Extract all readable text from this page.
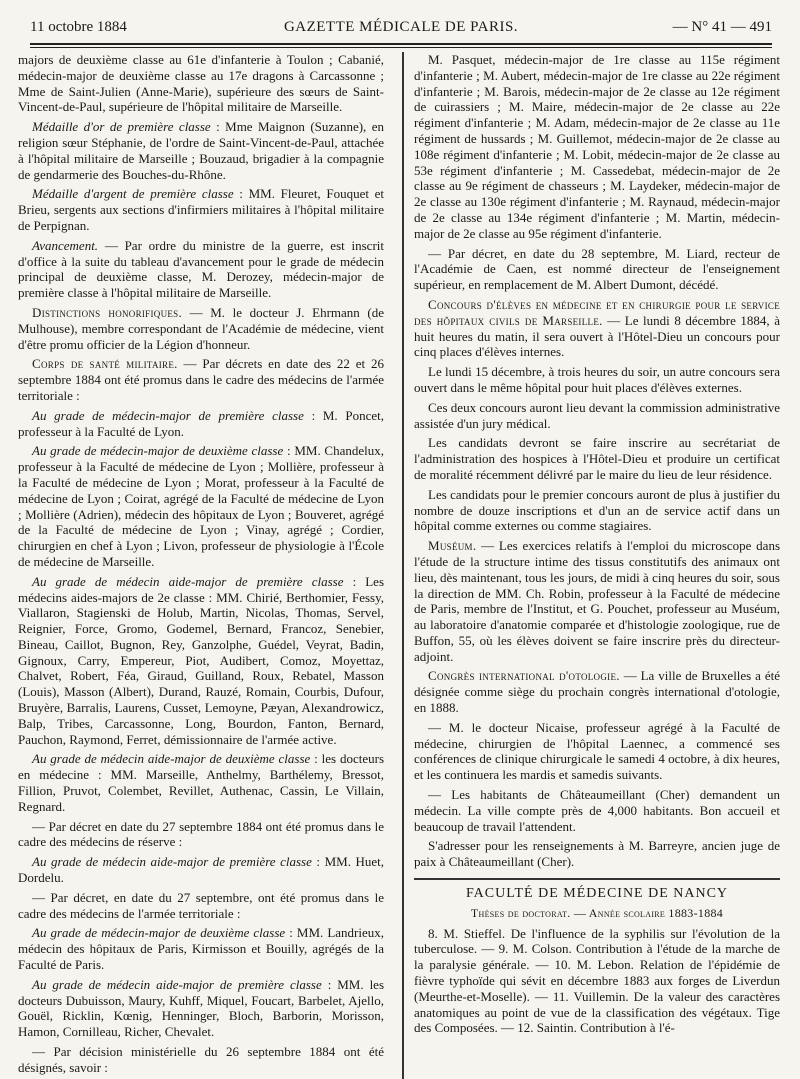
11 octobre 1884	GAZETTE MÉDICALE DE PARIS.	— N° 41 — 491

majors de deuxième classe au 61e d'infanterie à Toulon ; Cabanié, médecin-major de deuxième classe au 17e dragons à Carcassonne ; Mme de Saint-Julien (Anne-Marie), supérieure des sœurs de Saint-Vincent-de-Paul, supérieure de l'hôpital militaire de Marseille.

Médaille d'or de première classe : Mme Maignon (Suzanne), en religion sœur Stéphanie, de l'ordre de Saint-Vincent-de-Paul, attachée à l'hôpital militaire de Marseille ; Bouzaud, brigadier à la compagnie de gendarmerie des Bouches-du-Rhône.

Médaille d'argent de première classe : MM. Fleuret, Fouquet et Brieu, sergents aux sections d'infirmiers militaires à l'hôpital militaire de Perpignan.

Avancement. — Par ordre du ministre de la guerre, est inscrit d'office à la suite du tableau d'avancement pour le grade de médecin principal de deuxième classe, M. Derozey, médecin-major de première classe à l'hôpital militaire de Marseille.

Distinctions honorifiques. — M. le docteur J. Ehrmann (de Mulhouse), membre correspondant de l'Académie de médecine, vient d'être promu officier de la Légion d'honneur.

Corps de santé militaire. — Par décrets en date des 22 et 26 septembre 1884 ont été promus dans le cadre des médecins de l'armée territoriale :

Au grade de médecin-major de première classe : M. Poncet, professeur à la Faculté de Lyon.

Au grade de médecin-major de deuxième classe : MM. Chandelux, professeur à la Faculté de médecine de Lyon ; Mollière, professeur à la Faculté de médecine de Lyon ; Morat, professeur à la Faculté de médecine de Lyon ; Coirat, agrégé de la Faculté de médecine de Lyon ; Mollière (Adrien), médecin des hôpitaux de Lyon ; Bouveret, agrégé de la Faculté de médecine de Lyon ; Vinay, agrégé ; Cordier, chirurgien en chef à Lyon ; Livon, professeur de physiologie à l'École de médecine de Marseille.

Au grade de médecin aide-major de première classe : Les médecins aides-majors de 2e classe : MM. Chirié, Berthomier, Fessy, Viallaron, Stagienski de Holub, Martin, Nicolas, Thomas, Servel, Reignier, Force, Gromo, Godemel, Bernard, Francoz, Senebier, Bineau, Caillot, Bugnon, Rey, Ganzolphe, Guédel, Veyrat, Badin, Gignoux, Carry, Empereur, Piot, Audibert, Comoz, Moyettaz, Chalvet, Robert, Féa, Giraud, Guilland, Roux, Rebatel, Masson (Louis), Masson (Albert), Durand, Rauzé, Romain, Courbis, Dufour, Bruyère, Barralis, Laurens, Cusset, Lemoyne, Pæyan, Alexandrowicz, Balp, Tribes, Carcassonne, Long, Bourdon, Fanton, Bernard, Pauchon, Raymond, Ferret, démissionnaire de l'armée active.

Au grade de médecin aide-major de deuxième classe : les docteurs en médecine : MM. Marseille, Anthelmy, Barthélemy, Bressot, Fillion, Pruvot, Colembet, Revillet, Authenac, Cassin, Le Villain, Regnard.

— Par décret en date du 27 septembre 1884 ont été promus dans le cadre des médecins de réserve :

Au grade de médecin aide-major de première classe : MM. Huet, Dordelu.

— Par décret, en date du 27 septembre, ont été promus dans le cadre des médecins de l'armée territoriale :

Au grade de médecin-major de deuxième classe : MM. Landrieux, médecin des hôpitaux de Paris, Kirmisson et Bouilly, agrégés de la Faculté de Paris.

Au grade de médecin aide-major de première classe : MM. les docteurs Dubuisson, Maury, Kuhff, Miquel, Foucart, Barbelet, Ajello, Gouël, Ricklin, Kœnig, Henninger, Bloch, Barborin, Morisson, Hamon, Cornilleau, Richer, Chevalet.

— Par décision ministérielle du 26 septembre 1884 ont été désignés, savoir :

M. Pasquet, médecin-major de 1re classe au 115e régiment d'infanterie ; M. Aubert, médecin-major de 1re classe au 22e régiment d'infanterie ; M. Barois, médecin-major de 2e classe au 12e régiment de cuirassiers ; M. Maire, médecin-major de 2e classe au 22e régiment d'infanterie ; M. Adam, médecin-major de 2e classe au 11e régiment de hussards ; M. Guillemot, médecin-major de 2e classe au 108e régiment d'infanterie ; M. Lobit, médecin-major de 2e classe au 53e régiment d'infanterie ; M. Cassedebat, médecin-major de 2e classe au 9e régiment de chasseurs ; M. Laydeker, médecin-major de 2e classe au 130e régiment d'infanterie ; M. Raynaud, médecin-major de 2e classe au 134e régiment d'infanterie ; M. Martin, médecin-major de 2e classe au 95e régiment d'infanterie.

— Par décret, en date du 28 septembre, M. Liard, recteur de l'Académie de Caen, est nommé directeur de l'enseignement supérieur, en remplacement de M. Albert Dumont, décédé.

Concours d'élèves en médecine et en chirurgie pour le service des hôpitaux civils de Marseille. — Le lundi 8 décembre 1884, à huit heures du matin, il sera ouvert à l'Hôtel-Dieu un concours pour cinq places d'élèves internes.

Le lundi 15 décembre, à trois heures du soir, un autre concours sera ouvert dans le même hôpital pour huit places d'élèves externes.

Ces deux concours auront lieu devant la commission administrative assistée d'un jury médical.

Les candidats devront se faire inscrire au secrétariat de l'administration des hospices à l'Hôtel-Dieu et produire un certificat de moralité récemment délivré par le maire du lieu de leur résidence.

Les candidats pour le premier concours auront de plus à justifier du nombre de douze inscriptions et d'un an de service actif dans un hôpital comme externes ou comme stagiaires.

Muséum. — Les exercices relatifs à l'emploi du microscope dans l'étude de la structure intime des tissus constitutifs des animaux ont lieu, dès maintenant, tous les jours, de midi à cinq heures du soir, sous la direction de MM. Ch. Robin, professeur à la Faculté de médecine de Paris, membre de l'Institut, et G. Pouchet, professeur au Muséum, au laboratoire d'anatomie comparée et d'histologie zoologique, rue de Buffon, 55, où les élèves doivent se faire inscrire près du directeur-adjoint.

Congrès international d'otologie. — La ville de Bruxelles a été désignée comme siège du prochain congrès international d'otologie, en 1888.

— M. le docteur Nicaise, professeur agrégé à la Faculté de médecine, chirurgien de l'hôpital Laennec, a commencé ses conférences de clinique chirurgicale le samedi 4 octobre, à dix heures, et les continuera les mardis et samedis suivants.

— Les habitants de Châteaumeillant (Cher) demandent un médecin. La ville compte près de 4,000 habitants. Bon accueil et beaucoup de travail l'attendent.

S'adresser pour les renseignements à M. Barreyre, ancien juge de paix à Châteaumeillant (Cher).

FACULTÉ DE MÉDECINE DE NANCY

Thèses de doctorat. — Année scolaire 1883-1884

8. M. Stieffel. De l'influence de la syphilis sur l'évolution de la tuberculose. — 9. M. Colson. Contribution à l'étude de la marche de la paralysie générale. — 10. M. Lebon. Relation de l'épidémie de fièvre typhoïde qui sévit en décembre 1883 aux forges de Liverdun (Meurthe-et-Moselle). — 11. Vuillemin. De la valeur des caractères anatomiques au point de vue de la classification des végétaux. Tige des Composées. — 12. Saintin. Contribution à l'é-
